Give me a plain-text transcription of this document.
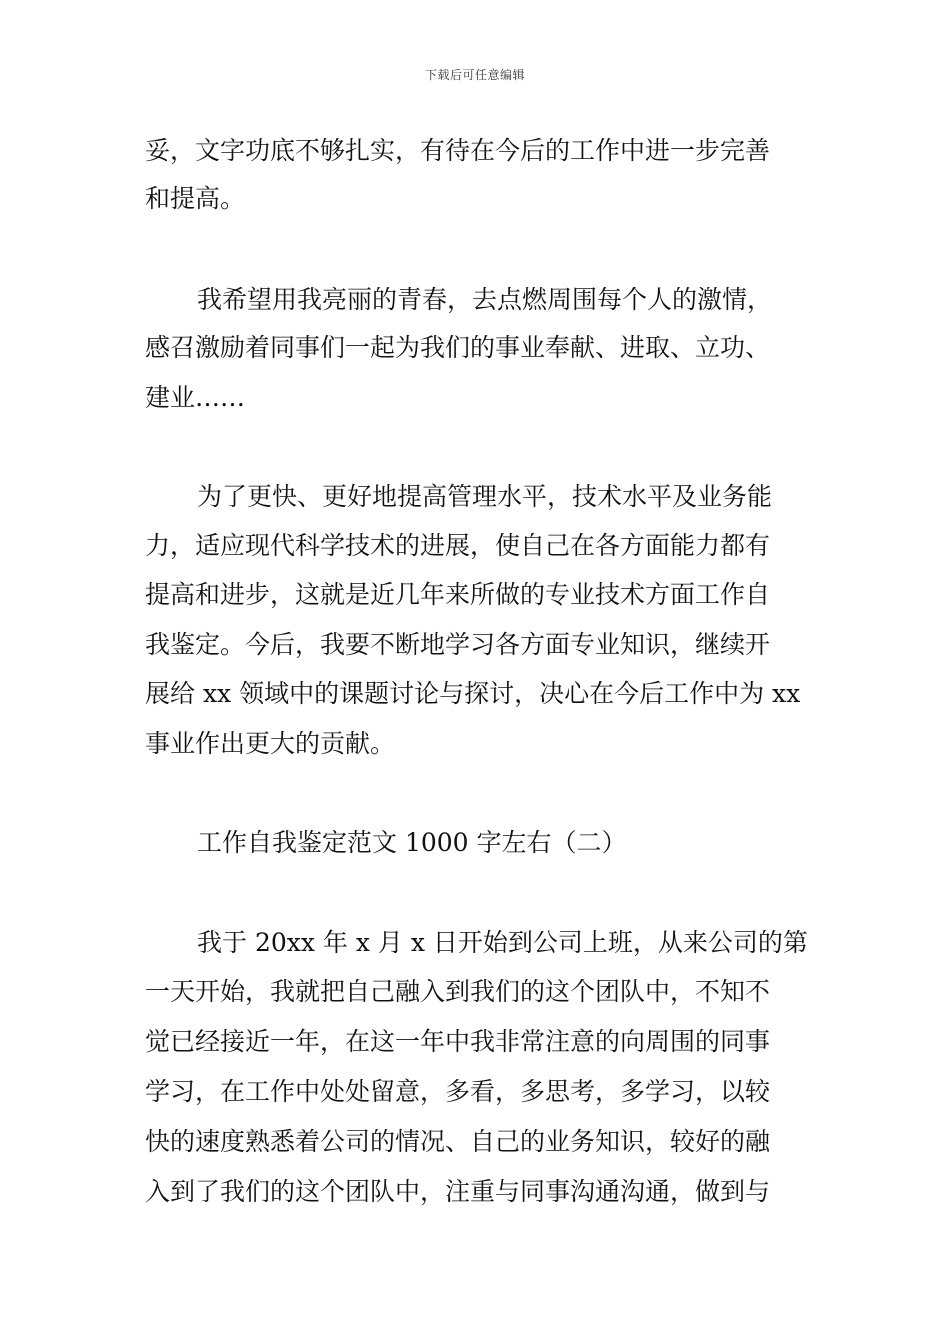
下载后可任意编辑
妥，文字功底不够扎实，有待在今后的工作中进一步完善
和提高。
我希望用我亮丽的青春，去点燃周围每个人的激情，
感召激励着同事们一起为我们的事业奉献、进取、立功、
建业……
为了更快、更好地提高管理水平，技术水平及业务能
力，适应现代科学技术的进展，使自己在各方面能力都有
提高和进步，这就是近几年来所做的专业技术方面工作自
我鉴定。今后，我要不断地学习各方面专业知识，继续开
展给 xx 领域中的课题讨论与探讨，决心在今后工作中为 xx
事业作出更大的贡献。
工作自我鉴定范文 1000 字左右（二）
我于 20xx 年 x 月 x 日开始到公司上班，从来公司的第
一天开始，我就把自己融入到我们的这个团队中，不知不
觉已经接近一年，在这一年中我非常注意的向周围的同事
学习，在工作中处处留意，多看，多思考，多学习，以较
快的速度熟悉着公司的情况、自己的业务知识，较好的融
入到了我们的这个团队中，注重与同事沟通沟通，做到与
